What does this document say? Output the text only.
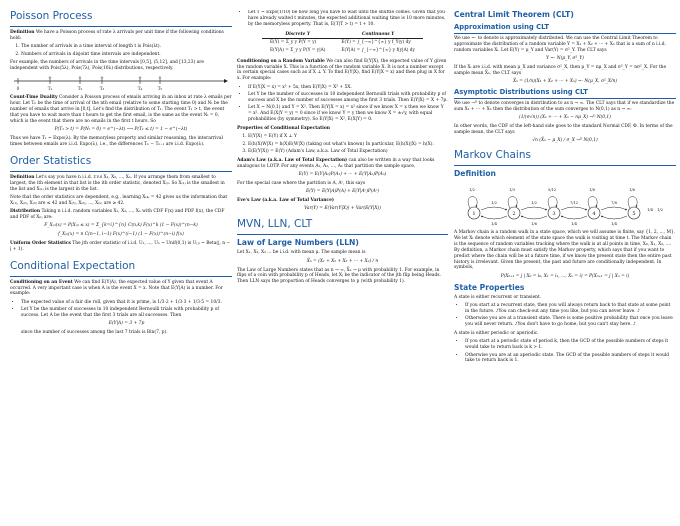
Poisson Process

Definition We have a Poisson process of rate λ arrivals per unit time if the following conditions hold:

1. The number of arrivals in a time interval of length t is Pois(λt).
2. Numbers of arrivals in disjoint time intervals are independent.

For example, the numbers of arrivals in the time intervals [0,5], (5,12], and [13,23) are independent with Pois(5λ), Pois(7λ), Pois(10λ) distributions, respectively.

0
+
T₁
+
T₂
+
T₃
+
T₄
+
T₅

Count-Time Duality Consider a Poisson process of emails arriving in an inbox at rate λ emails per hour. Let Tₙ be the time of arrival of the nth email (relative to some starting time 0) and Nₜ be the number of emails that arrive in [0,t]. Let's find the distribution of T₁. The event T₁ > t, the event that you have to wait more than t hours to get the first email, is the same as the event Nₜ = 0, which is the event that there are no emails in the first t hours. So

P(T₁ > t) = P(Nₜ = 0) = e^(−λt) ⟶ P(T₁ ≤ t) = 1 − e^(−λt)

Thus we have T₁ ~ Expo(λ). By the memoryless property and similar reasoning, the interarrival times between emails are i.i.d. Expo(λ), i.e., the differences Tₙ − Tₙ₋₁ are i.i.d. Expo(λ).

Order Statistics

Definition Let's say you have n i.i.d. r.v.s X₁, X₂, ..., Xₙ. If you arrange them from smallest to largest, the ith element in that list is the ith order statistic, denoted X₍ᵢ₎. So X₍₁₎ is the smallest in the list and X₍ₙ₎ is the largest in the list.

Note that the order statistics are dependent, e.g., learning X₍₄₎ = 42 gives us the information that X₍₁₎, X₍₂₎, X₍₃₎ are ≤ 42 and X₍₅₎, X₍₆₎, ..., X₍ₙ₎ are ≥ 42.

Distribution Taking n i.i.d. random variables X₁, X₂, ..., Xₙ with CDF F(x) and PDF f(x), the CDF and PDF of X₍ᵢ₎ are:

F_X₍ᵢ₎(x) = P(X₍ᵢ₎ ≤ x) = Σ_{k=i}^{n} C(n,k) F(x)^k (1 − F(x))^(n−k)
f_X₍ᵢ₎(x) = n C(n−1, i−1) F(x)^(i−1) (1 − F(x))^(n−i) f(x)

Uniform Order Statistics The jth order statistic of i.i.d. U₁, ..., Uₙ ~ Unif(0,1) is U₍ⱼ₎ ~ Beta(j, n − j + 1).

Conditional Expectation

Conditioning on an Event We can find E(Y|A), the expected value of Y given that event A occurred. A very important case is when A is the event X = x. Note that E(Y|A) is a number. For example:

• The expected value of a fair die roll, given that it is prime, is 1/3·2 + 1/3·3 + 1/3·5 = 10/3.
• Let Y be the number of successes in 10 independent Bernoulli trials with probability p of success. Let A be the event that the first 3 trials are all successes. Then
E(Y|A) = 3 + 7p
since the number of successes among the last 7 trials is Bin(7, p).
• Let T ~ Expo(1/10) be how long you have to wait until the shuttle comes. Given that you have already waited t minutes, the expected additional waiting time is 10 more minutes, by the memoryless property. That is, E(T|T > t) = t + 10.
Discrete Y	Continuous Y
E(Y) = Σ_y y P(Y = y)	E(Y) = ∫_{−∞}^{∞} y f_Y(y) dy
E(Y|A) = Σ_y y P(Y = y|A)	E(Y|A) = ∫_{−∞}^{∞} y f(y|A) dy

Conditioning on a Random Variable We can also find E(Y|X), the expected value of Y given the random variable X. This is a function of the random variable X. It is not a number except in certain special cases such as if X ⊥ Y. To find E(Y|X), find E(Y|X = x) and then plug in X for x. For example:

• If E(Y|X = x) = x³ + 5x, then E(Y|X) = X³ + 5X.
• Let Y be the number of successes in 10 independent Bernoulli trials with probability p of success and X be the number of successes among the first 3 trials. Then E(Y|X) = X + 7p.
• Let X ~ N(0,1) and Y = X². Then E(Y|X = x) = x² since if we know X = x then we know Y = x². And E(X|Y = y) = 0 since if we know Y = y then we know X = ±√y, with equal probabilities (by symmetry). So E(Y|X) = X², E(X|Y) = 0.

Properties of Conditional Expectation

1. E(Y|X) = E(Y) if X ⊥ Y
2. E(h(X)W|X) = h(X)E(W|X) (taking out what's known) In particular, E(h(X)|X) = h(X).
3. E(E(Y|X)) = E(Y) (Adam's Law, a.k.a. Law of Total Expectation)

Adam's Law (a.k.a. Law of Total Expectation) can also be written in a way that looks analogous to LOTP. For any events A₁, A₂, ..., Aₙ that partition the sample space,

E(Y) = E(Y|A₁)P(A₁) + ··· + E(Y|Aₙ)P(Aₙ)

For the special case where the partition is A, Aᶜ, this says

E(Y) = E(Y|A)P(A) + E(Y|Aᶜ)P(Aᶜ)

Eve's Law (a.k.a. Law of Total Variance)

Var(Y) = E(Var(Y|X)) + Var(E(Y|X))
MVN, LLN, CLT
Law of Large Numbers (LLN)

Let X₁, X₂, X₃ ... be i.i.d. with mean μ. The sample mean is

X̄ₙ = (X₁ + X₂ + X₃ + ··· + Xₙ) / n

The Law of Large Numbers states that as n → ∞, X̄ₙ → μ with probability 1. For example, in flips of a coin with probability p of Heads, let Xⱼ be the indicator of the jth flip being Heads. Then LLN says the proportion of Heads converges to p (with probability 1).

Central Limit Theorem (CLT)
Approximation using CLT

We use ~· to denote is approximately distributed. We can use the Central Limit Theorem to approximate the distribution of a random variable Y = X₁ + X₂ + ··· + Xₙ that is a sum of n i.i.d. random variables Xᵢ. Let E(Y) = μ_Y and Var(Y) = σ²_Y. The CLT says

Y ~· N(μ_Y, σ²_Y)

If the Xᵢ are i.i.d. with mean μ_X and variance σ²_X, then μ_Y = nμ_X and σ²_Y = nσ²_X. For the sample mean X̄ₙ, the CLT says

X̄ₙ = (1/n)(X₁ + X₂ + ··· + Xₙ) ~· N(μ_X, σ²_X/n)
Asymptotic Distributions using CLT

We use →ᴰ to denote converges in distribution to as n → ∞. The CLT says that if we standardize the sum X₁ + ··· + Xₙ then the distribution of the sum converges to N(0,1) as n → ∞:

(1/(σ√n)) (X₁ + ··· + Xₙ − nμ_X) →ᴰ N(0,1)

In other words, the CDF of the left-hand side goes to the standard Normal CDF, Φ. In terms of the sample mean, the CLT says

√n (X̄ₙ − μ_X) / σ_X →ᴰ N(0,1)
Markov Chains
Definition
1	2	3	4	5
1/2
1/2
1/4
1/3
1/2
1/6
5/12
7/12
1/4
1/8
7/8
1/4
1/6
1/4 1/2

A Markov chain is a random walk in a state space, which we will assume is finite, say {1, 2, ..., M}. We let Xₜ denote which element of the state space the walk is visiting at time t. The Markov chain is the sequence of random variables tracking where the walk is at all points in time, X₀, X₁, X₂, .... By definition, a Markov chain must satisfy the Markov property, which says that if you want to predict where the chain will be at a future time, if we know the present state then the entire past history is irrelevant. Given the present, the past and future are conditionally independent. In symbols,

P(Xₙ₊₁ = j | X₀ = i₀, X₁ = i₁, ..., Xₙ = i) = P(Xₙ₊₁ = j | Xₙ = i)
State Properties

A state is either recurrent or transient.

• If you start at a recurrent state, then you will always return back to that state at some point in the future. ♪You can check-out any time you like, but you can never leave. ♪
• Otherwise you are at a transient state. There is some positive probability that once you leave you will never return. ♪You don't have to go home, but you can't stay here. ♪

A state is either periodic or aperiodic.

• If you start at a periodic state of period k, then the GCD of the possible numbers of steps it would take to return back is k > 1.
• Otherwise you are at an aperiodic state. The GCD of the possible numbers of steps it would take to return back is 1.
